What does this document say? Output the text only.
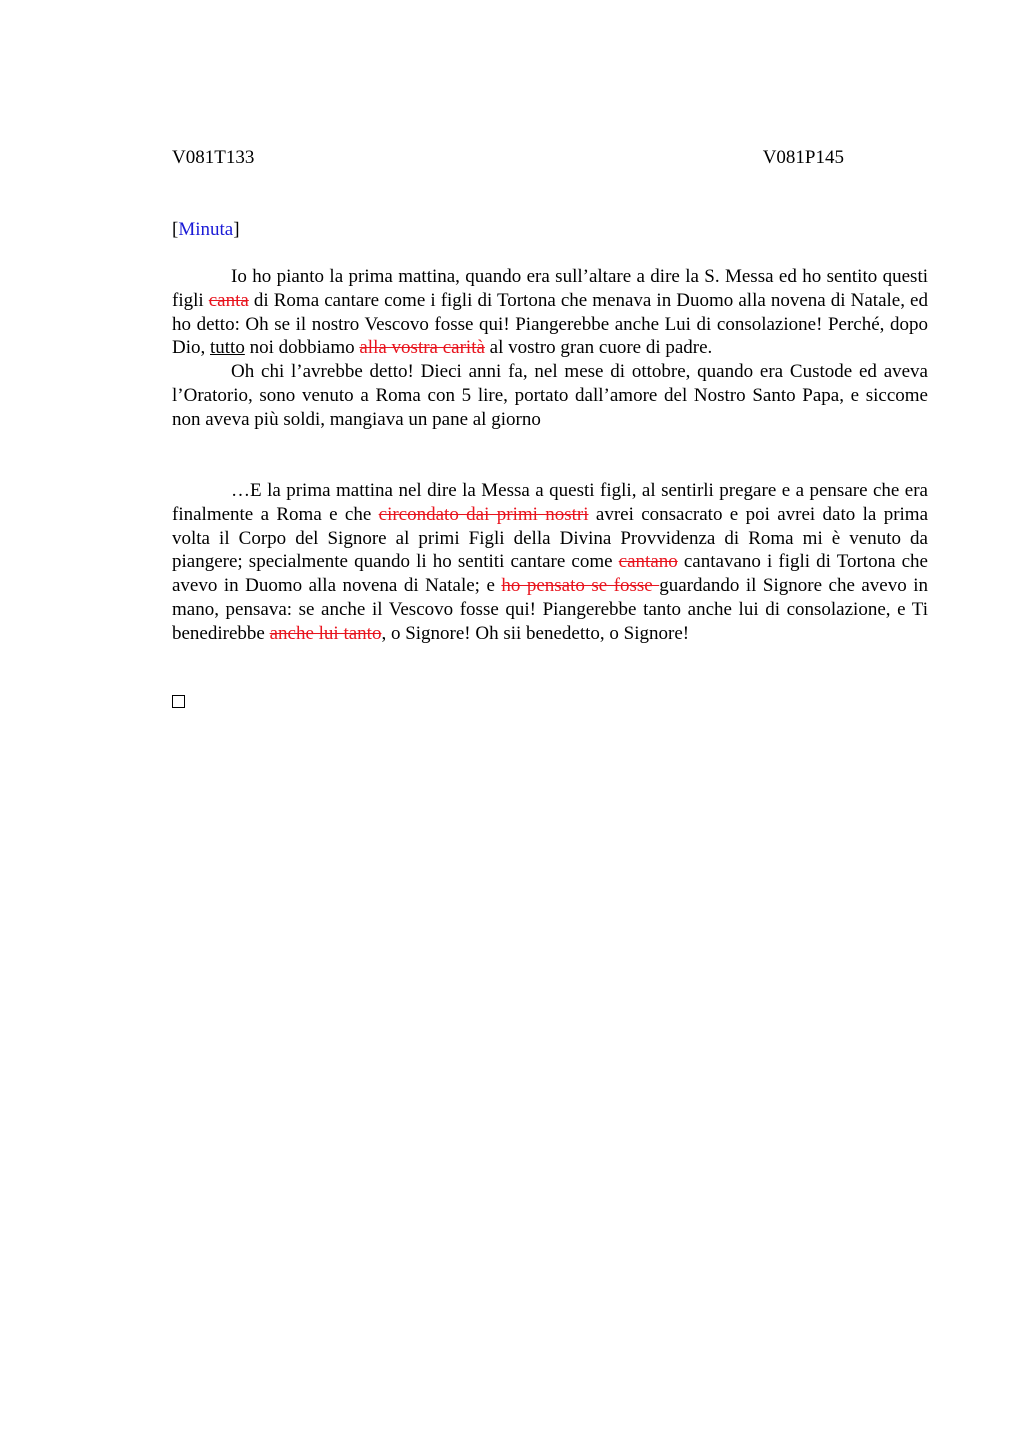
V081T133	V081P145
[Minuta]

Io ho pianto la prima mattina, quando era sull’altare a dire la S. Messa ed ho sentito questi figli canta di Roma cantare come i figli di Tortona che menava in Duomo alla novena di Natale, ed ho detto: Oh se il nostro Vescovo fosse qui! Piangerebbe anche Lui di consolazione! Perché, dopo Dio, tutto noi dobbiamo alla vostra carità al vostro gran cuore di padre.

Oh chi l’avrebbe detto! Dieci anni fa, nel mese di ottobre, quando era Custode ed aveva l’Oratorio, sono venuto a Roma con 5 lire, portato dall’amore del Nostro Santo Papa, e siccome non aveva più soldi, mangiava un pane al giorno

…E la prima mattina nel dire la Messa a questi figli, al sentirli pregare e a pensare che era finalmente a Roma e che circondato dai primi nostri avrei consacrato e poi avrei dato la prima volta il Corpo del Signore al primi Figli della Divina Provvidenza di Roma mi è venuto da piangere; specialmente quando li ho sentiti cantare come cantano cantavano i figli di Tortona che avevo in Duomo alla novena di Natale; e ho pensato se fosse guardando il Signore che avevo in mano, pensava: se anche il Vescovo fosse qui! Piangerebbe tanto anche lui di consolazione, e Ti benedirebbe anche lui tanto, o Signore! Oh sii benedetto, o Signore!
